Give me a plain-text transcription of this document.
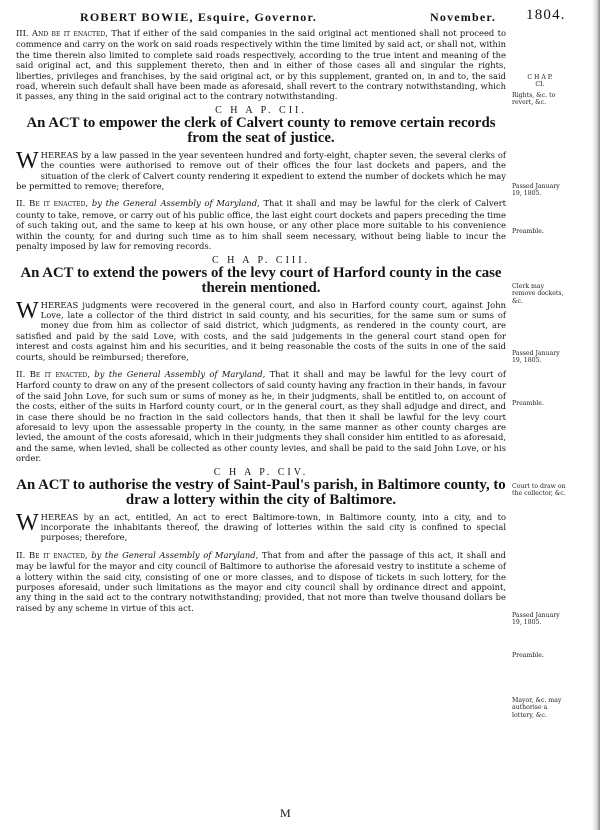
ROBERT BOWIE, Esquire, Governor.	November. 1804.

III. And be it enacted, That if either of the said companies in the said original act mentioned shall not proceed to commence and carry on the work on said roads respectively within the time limited by said act, or shall not, within the time therein also limited to complete said roads respectively, according to the true intent and meaning of the said original act, and this supplement thereto, then and in either of those cases all and singular the rights, liberties, privileges and franchises, by the said original act, or by this supplement, granted on, in and to, the said road, wherein such default shall have been made as aforesaid, shall revert to the contrary notwithstanding, which it passes, any thing in the said original act to the contrary notwithstanding.

C H A P. CII.
An ACT to empower the clerk of Calvert county to remove certain records from the seat of justice.

WHEREAS by a law passed in the year seventeen hundred and forty-eight, chapter seven, the several clerks of the counties were authorised to remove out of their offices the four last dockets and papers, and the situation of the clerk of Calvert county rendering it expedient to extend the number of dockets which he may be permitted to remove; therefore,

II. Be it enacted, by the General Assembly of Maryland, That it shall and may be lawful for the clerk of Calvert county to take, remove, or carry out of his public office, the last eight court dockets and papers preceding the time of such taking out, and the same to keep at his own house, or any other place more suitable to his convenience within the county, for and during such time as to him shall seem necessary, without being liable to incur the penalty imposed by law for removing records.

C H A P. CIII.
An ACT to extend the powers of the levy court of Harford county in the case therein mentioned.

WHEREAS judgments were recovered in the general court, and also in Harford county court, against John Love, late a collector of the third district in said county, and his securities, for the same sum or sums of money due from him as collector of said district, which judgments, as rendered in the county court, are satisfied and paid by the said Love, with costs, and the said judgements in the general court stand open for interest and costs against him and his securities, and it being reasonable the costs of the suits in one of the said courts, should be reimbursed; therefore,

II. Be it enacted, by the General Assembly of Maryland, That it shall and may be lawful for the levy court of Harford county to draw on any of the present collectors of said county having any fraction in their hands, in favour of the said John Love, for such sum or sums of money as he, in their judgments, shall be entitled to, on account of the costs, either of the suits in Harford county court, or in the general court, as they shall adjudge and direct, and in case there should be no fraction in the said collectors hands, that then it shall be lawful for the levy court aforesaid to levy upon the assessable property in the county, in the same manner as other county charges are levied, the amount of the costs aforesaid, which in their judgments they shall consider him entitled to as aforesaid, and the same, when levied, shall be collected as other county levies, and shall be paid to the said John Love, or his order.

C H A P. CIV.
An ACT to authorise the vestry of Saint-Paul's parish, in Baltimore county, to draw a lottery within the city of Baltimore.

WHEREAS by an act, entitled, An act to erect Baltimore-town, in Baltimore county, into a city, and to incorporate the inhabitants thereof, the drawing of lotteries within the said city is confined to special purposes; therefore,

II. Be it enacted, by the General Assembly of Maryland, That from and after the passage of this act, it shall and may be lawful for the mayor and city council of Baltimore to authorise the aforesaid vestry to institute a scheme of a lottery within the said city, consisting of one or more classes, and to dispose of tickets in such lottery, for the purposes aforesaid, under such limitations as the mayor and city council shall by ordinance direct and appoint, any thing in the said act to the contrary notwithstanding; provided, that not more than twelve thousand dollars be raised by any scheme in virtue of this act.

C H A P.
CI.
Rights, &c. to revert, &c.
Passed January 19, 1805.
Preamble.
Clerk may remove dockets, &c.
Passed January 19, 1805.
Preamble.
Court to draw on the collector, &c.
Passed January 19, 1805.
Preamble.
Mayor, &c. may authorise a lottery, &c.
M
